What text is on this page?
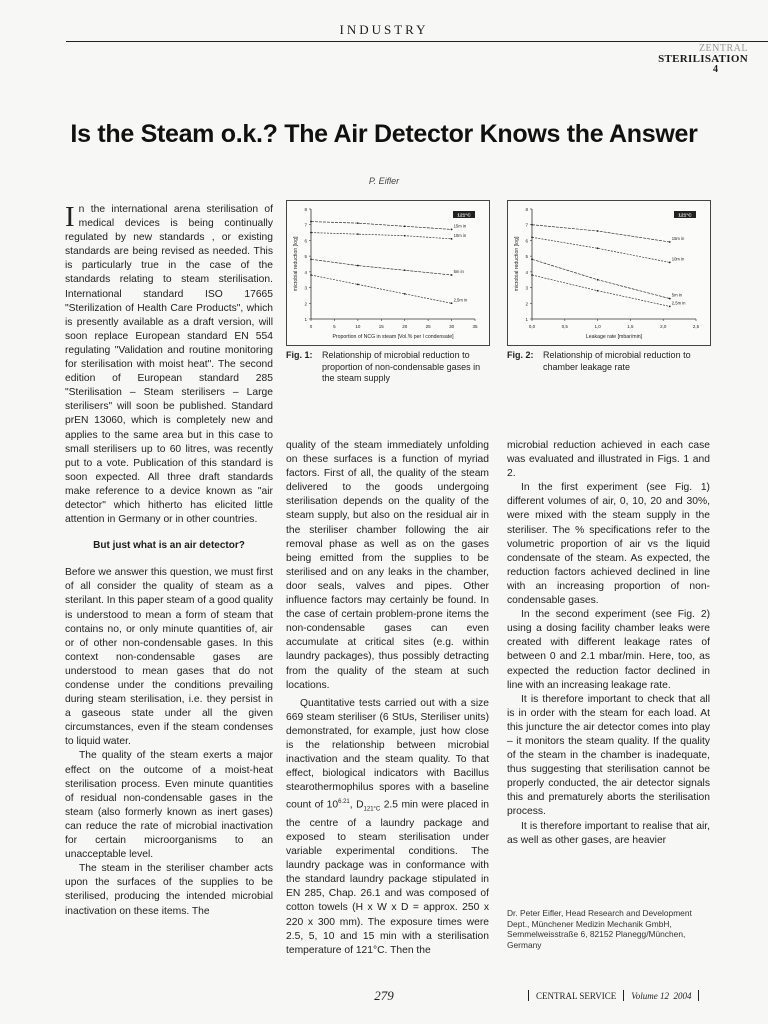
INDUSTRY
ZENTRAL
STERILISATION
4
Is the Steam o.k.? The Air Detector Knows the Answer
P. Eifler

In the international arena sterilisation of medical devices is being continually regulated by new standards , or existing standards are being revised as needed. This is particularly true in the case of the standards relating to steam sterilisation. International standard ISO 17665 "Sterilization of Health Care Products", which is presently available as a draft version, will soon replace European standard EN 554 regulating "Validation and routine monitoring for sterilisation with moist heat". The second edition of European standard 285 "Sterilisation – Steam sterilisers – Large sterilisers" will soon be published. Standard prEN 13060, which is completely new and applies to the same area but in this case to small sterilisers up to 60 litres, was recently put to a vote. Publication of this standard is soon expected. All three draft standards make reference to a device known as "air detector" which hitherto has elicited little attention in Germany or in other countries.

But just what is an air detector?

Before we answer this question, we must first of all consider the quality of steam as a sterilant. In this paper steam of a good quality is understood to mean a form of steam that contains no, or only minute quantities of, air or of other non-condensable gases. In this context non-condensable gases are understood to mean gases that do not condense under the conditions prevailing during steam sterilisation, i.e. they persist in a gaseous state under all the given circumstances, even if the steam condenses to liquid water.

The quality of the steam exerts a major effect on the outcome of a moist-heat sterilisation process. Even minute quantities of residual non-condensable gases in the steam (also formerly known as inert gases) can reduce the rate of microbial inactivation for certain microorganisms to an unacceptable level.

The steam in the steriliser chamber acts upon the surfaces of the supplies to be sterilised, producing the intended microbial inactivation on these items. The

1
2
3
4
5
6
7
8
0	5	10	15	20	25	30	35
Proportion of NCG in steam [Vol.% per l condensate]
microbial reduction [log]
121°C
15m in
10m in
5m in
2,5m in
Fig. 1: Relationship of microbial reduction to proportion of non-condensable gases in the steam supply
1
2
3
4
5
6
7
8
0,0	0,5	1,0	1,5	2,0	2,5
Leakage rate [mbar/min]
microbial reduction [log]
121°C
15m in
10m in
5m in
2,5m in
Fig. 2: Relationship of microbial reduction to chamber leakage rate

quality of the steam immediately unfolding on these surfaces is a function of myriad factors. First of all, the quality of the steam delivered to the goods undergoing sterilisation depends on the quality of the steam supply, but also on the residual air in the steriliser chamber following the air removal phase as well as on the gases being emitted from the supplies to be sterilised and on any leaks in the chamber, door seals, valves and pipes. Other influence factors may certainly be found. In the case of certain problem-prone items the non-condensable gases can even accumulate at critical sites (e.g. within laundry packages), thus possibly detracting from the quality of the steam at such locations.

Quantitative tests carried out with a size 669 steam steriliser (6 StUs, Steriliser units) demonstrated, for example, just how close is the relationship between microbial inactivation and the steam quality. To that effect, biological indicators with Bacillus stearothermophilus spores with a baseline count of $10^{6.21}$, $D_{121^\circ C}$ 2.5 min were placed in the centre of a laundry package and exposed to steam sterilisation under variable experimental conditions. The laundry package was in conformance with the standard laundry package stipulated in EN 285, Chap. 26.1 and was composed of cotton towels (H x W x D = approx. 250 x 220 x 300 mm). The exposure times were 2.5, 5, 10 and 15 min with a sterilisation temperature of 121°C. Then the

microbial reduction achieved in each case was evaluated and illustrated in Figs. 1 and 2.

In the first experiment (see Fig. 1) different volumes of air, 0, 10, 20 and 30%, were mixed with the steam supply in the steriliser. The % specifications refer to the volumetric proportion of air vs the liquid condensate of the steam. As expected, the reduction factors achieved declined in line with an increasing proportion of non-condensable gases.

In the second experiment (see Fig. 2) using a dosing facility chamber leaks were created with different leakage rates of between 0 and 2.1 mbar/min. Here, too, as expected the reduction factor declined in line with an increasing leakage rate.

It is therefore important to check that all is in order with the steam for each load. At this juncture the air detector comes into play – it monitors the steam quality. If the quality of the steam in the chamber is inadequate, thus suggesting that sterilisation cannot be properly conducted, the air detector signals this and prematurely aborts the sterilisation process.

It is therefore important to realise that air, as well as other gases, are heavier

Dr. Peter Eifler, Head Research and Development Dept., Münchener Medizin Mechanik GmbH, Semmelweisstraße 6, 82152 Planegg/München, Germany
279	CENTRAL SERVICE Volume 12 2004
